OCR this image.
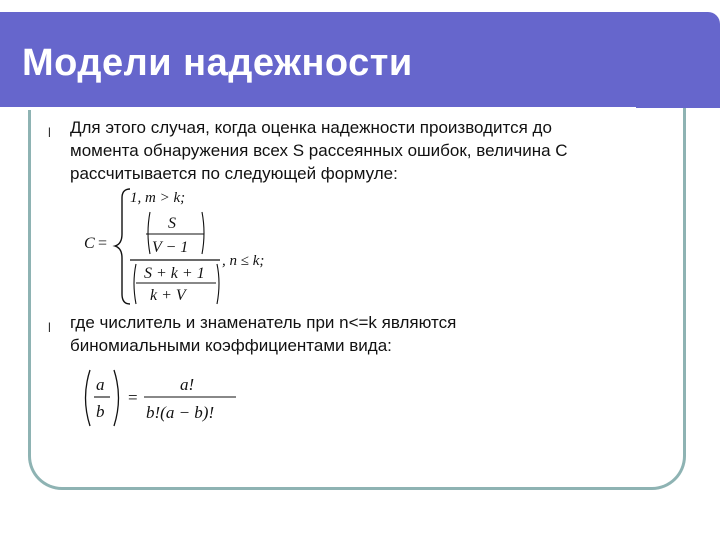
Модели надежности
l Для этого случая, когда оценка надежности производится до
момента обнаружения всех S рассеянных ошибок, величина С
рассчитывается по следующей формуле:
C =
1, m > k;
S
V − 1
S + k + 1
k + V
, n ≤ k;
l где числитель и знаменатель при n<=k являются
биномиальными коэффициентами вида:
a
b
=
a!
b!(a − b)!
